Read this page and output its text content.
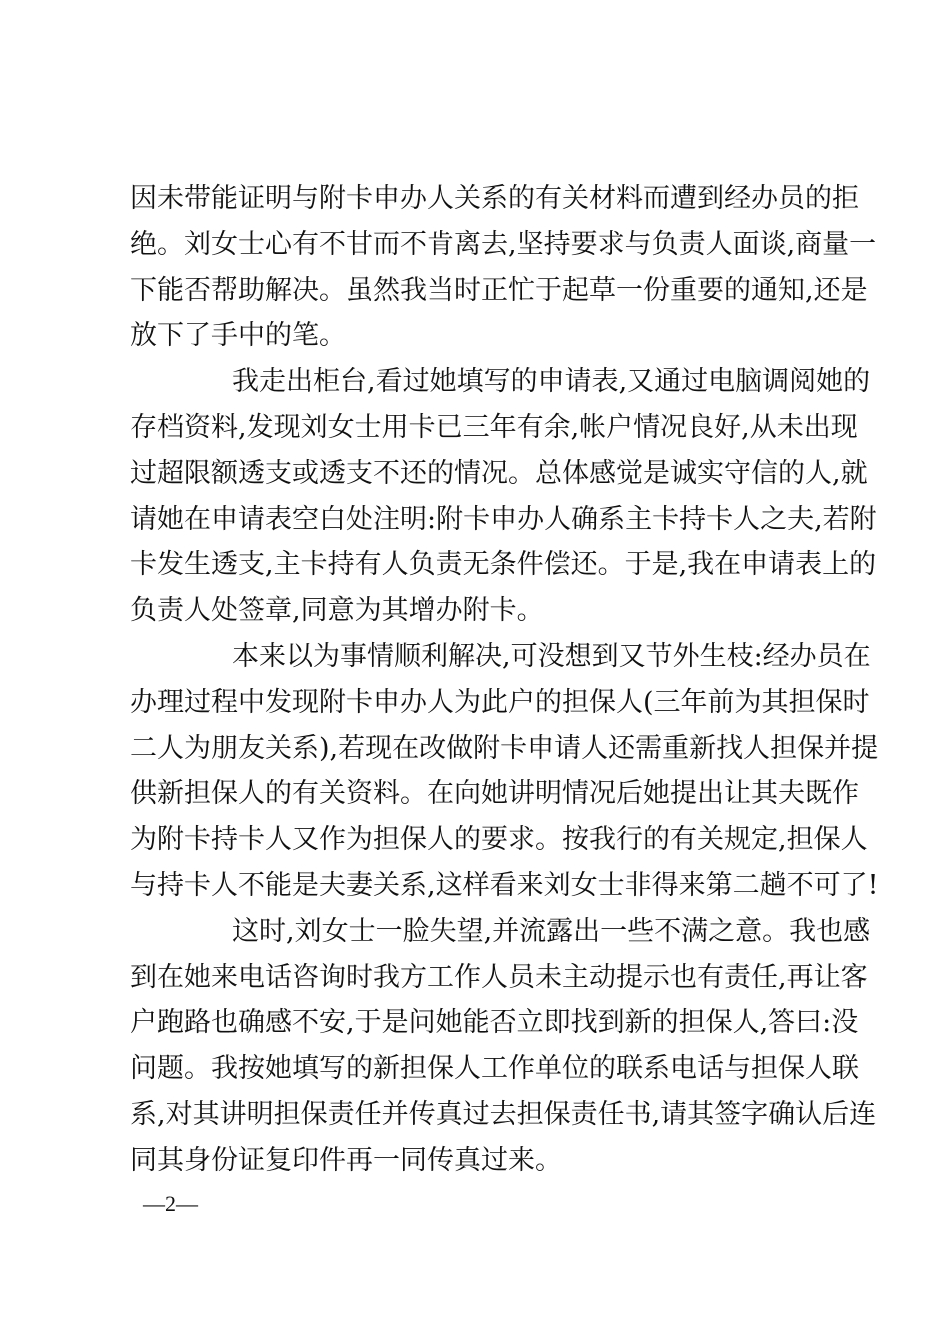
因未带能证明与附卡申办人关系的有关材料而遭到经办员的拒
绝。刘女士心有不甘而不肯离去,坚持要求与负责人面谈,商量一
下能否帮助解决。虽然我当时正忙于起草一份重要的通知,还是
放下了手中的笔。
我走出柜台,看过她填写的申请表,又通过电脑调阅她的
存档资料,发现刘女士用卡已三年有余,帐户情况良好,从未出现
过超限额透支或透支不还的情况。总体感觉是诚实守信的人,就
请她在申请表空白处注明:附卡申办人确系主卡持卡人之夫,若附
卡发生透支,主卡持有人负责无条件偿还。于是,我在申请表上的
负责人处签章,同意为其增办附卡。
本来以为事情顺利解决,可没想到又节外生枝:经办员在
办理过程中发现附卡申办人为此户的担保人(三年前为其担保时
二人为朋友关系),若现在改做附卡申请人还需重新找人担保并提
供新担保人的有关资料。在向她讲明情况后她提出让其夫既作
为附卡持卡人又作为担保人的要求。按我行的有关规定,担保人
与持卡人不能是夫妻关系,这样看来刘女士非得来第二趟不可了!
这时,刘女士一脸失望,并流露出一些不满之意。我也感
到在她来电话咨询时我方工作人员未主动提示也有责任,再让客
户跑路也确感不安,于是问她能否立即找到新的担保人,答曰:没
问题。我按她填写的新担保人工作单位的联系电话与担保人联
系,对其讲明担保责任并传真过去担保责任书,请其签字确认后连
同其身份证复印件再一同传真过来。
—2—
